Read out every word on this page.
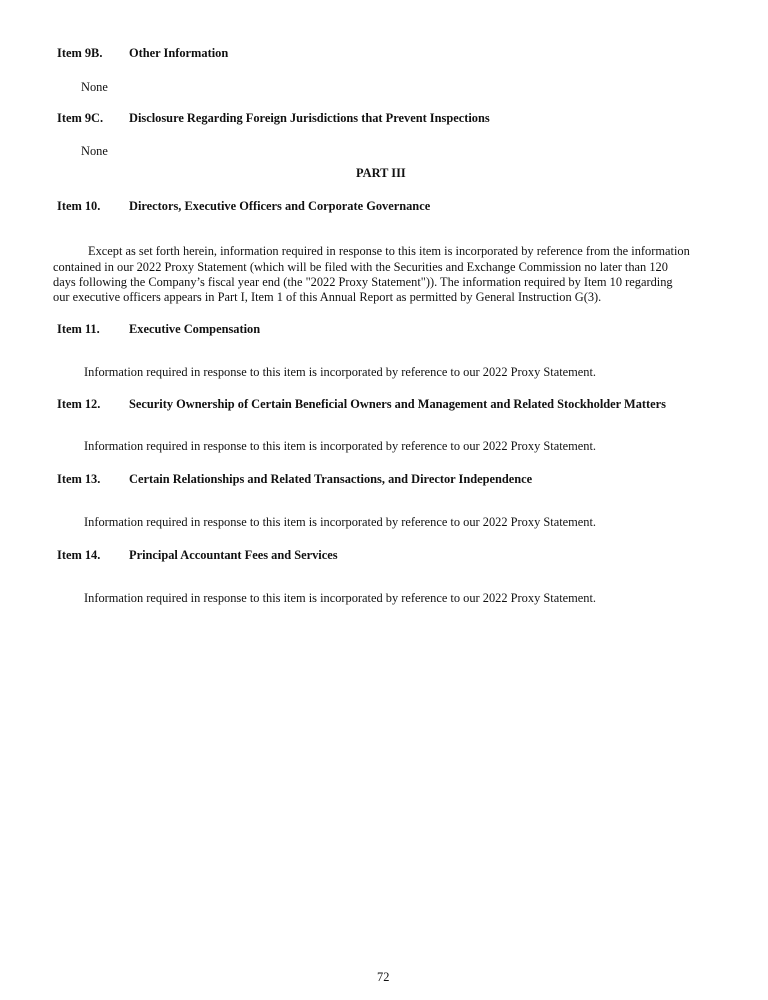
Item 9B. Other Information
None
Item 9C. Disclosure Regarding Foreign Jurisdictions that Prevent Inspections
None
PART III
Item 10. Directors, Executive Officers and Corporate Governance
Except as set forth herein, information required in response to this item is incorporated by reference from the information
contained in our 2022 Proxy Statement (which will be filed with the Securities and Exchange Commission no later than 120
days following the Company’s fiscal year end (the "2022 Proxy Statement")). The information required by Item 10 regarding
our executive officers appears in Part I, Item 1 of this Annual Report as permitted by General Instruction G(3).
Item 11. Executive Compensation
Information required in response to this item is incorporated by reference to our 2022 Proxy Statement.
Item 12. Security Ownership of Certain Beneficial Owners and Management and Related Stockholder Matters
Information required in response to this item is incorporated by reference to our 2022 Proxy Statement.
Item 13. Certain Relationships and Related Transactions, and Director Independence
Information required in response to this item is incorporated by reference to our 2022 Proxy Statement.
Item 14. Principal Accountant Fees and Services
Information required in response to this item is incorporated by reference to our 2022 Proxy Statement.
72
